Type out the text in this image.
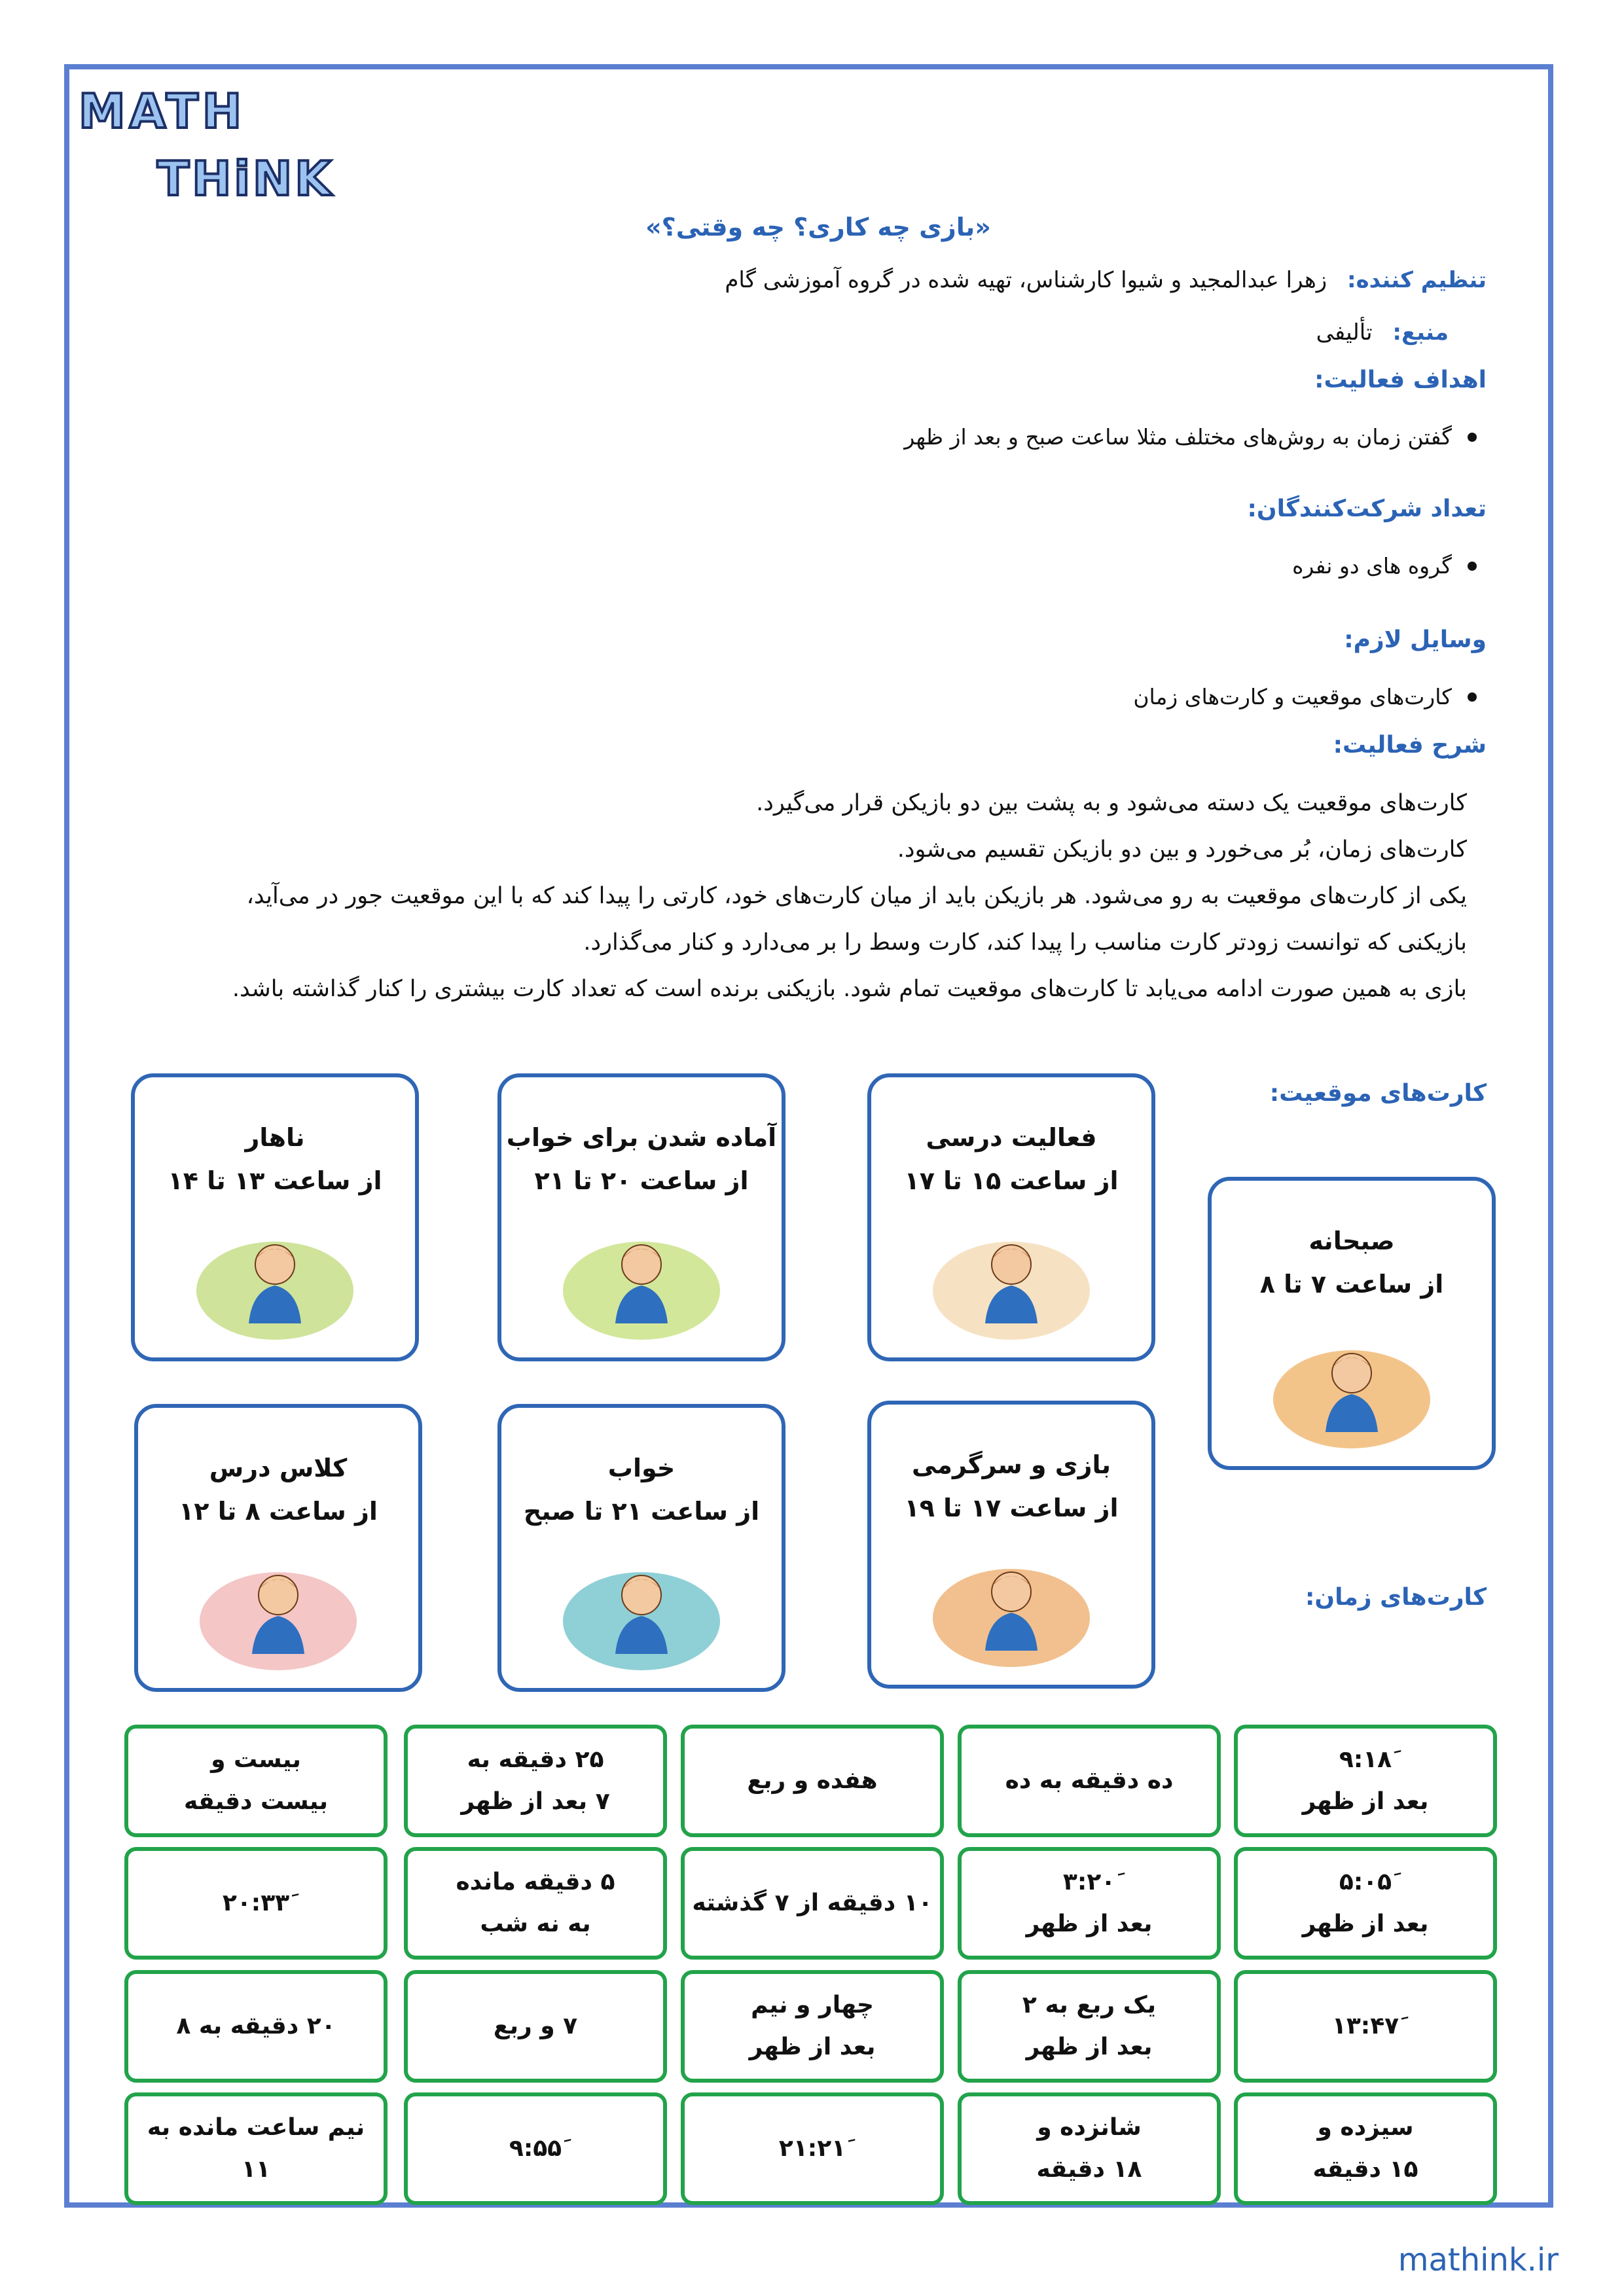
MATH
THiNK
«بازی چه کاری؟ چه وقتی؟»
تنظیم کننده: زهرا عبدالمجید و شیوا کارشناس، تهیه شده در گروه آموزشی گام
منبع: تألیفی
اهداف فعالیت:
گفتن زمان به روش‌های مختلف مثلا ساعت صبح و بعد از ظهر
تعداد شرکت‌کنندگان:
گروه های دو نفره
وسایل لازم:
کارت‌های موقعیت و کارت‌های زمان
شرح فعالیت:

کارت‌های موقعیت یک دسته می‌شود و به پشت بین دو بازیکن قرار می‌گیرد.

کارت‌های زمان، بُر می‌خورد و بین دو بازیکن تقسیم می‌شود.

یکی از کارت‌های موقعیت به رو می‌شود. هر بازیکن باید از میان کارت‌های خود، کارتی را پیدا کند که با این موقعیت جور در می‌آید،

بازیکنی که توانست زودتر کارت مناسب را پیدا کند، کارت وسط را بر می‌دارد و کنار می‌گذارد.

بازی به همین صورت ادامه می‌یابد تا کارت‌های موقعیت تمام شود. بازیکنی برنده است که تعداد کارت بیشتری را کنار گذاشته باشد.

کارت‌های موقعیت:
کارت‌های زمان:
صبحانه
از ساعت ۷ تا ۸
فعالیت درسی
از ساعت ۱۵ تا ۱۷
آماده شدن برای خواب
از ساعت ۲۰ تا ۲۱
ناهار
از ساعت ۱۳ تا ۱۴
بازی و سرگرمی
از ساعت ۱۷ تا ۱۹
خواب
از ساعت ۲۱ تا صبح
کلاس درس
از ساعت ۸ تا ۱۲
۹:۱۸َ
بعد از ظهر
ده دقیقه به ده
هفده و ربع
۲۵ دقیقه به
۷ بعد از ظهر
بیست و
بیست دقیقه
۵:۰۵َ
بعد از ظهر
۳:۲۰َ
بعد از ظهر
۱۰ دقیقه از ۷ گذشته
۵ دقیقه مانده
به نه شب
۲۰:۳۳َ
۱۳:۴۷َ
یک ربع به ۲
بعد از ظهر
چهار و نیم
بعد از ظهر
۷ و ربع
۲۰ دقیقه به ۸
سیزده و
۱۵ دقیقه
شانزده و
۱۸ دقیقه
۲۱:۲۱َ
۹:۵۵َ
نیم ساعت مانده به
۱۱
mathink.ir
